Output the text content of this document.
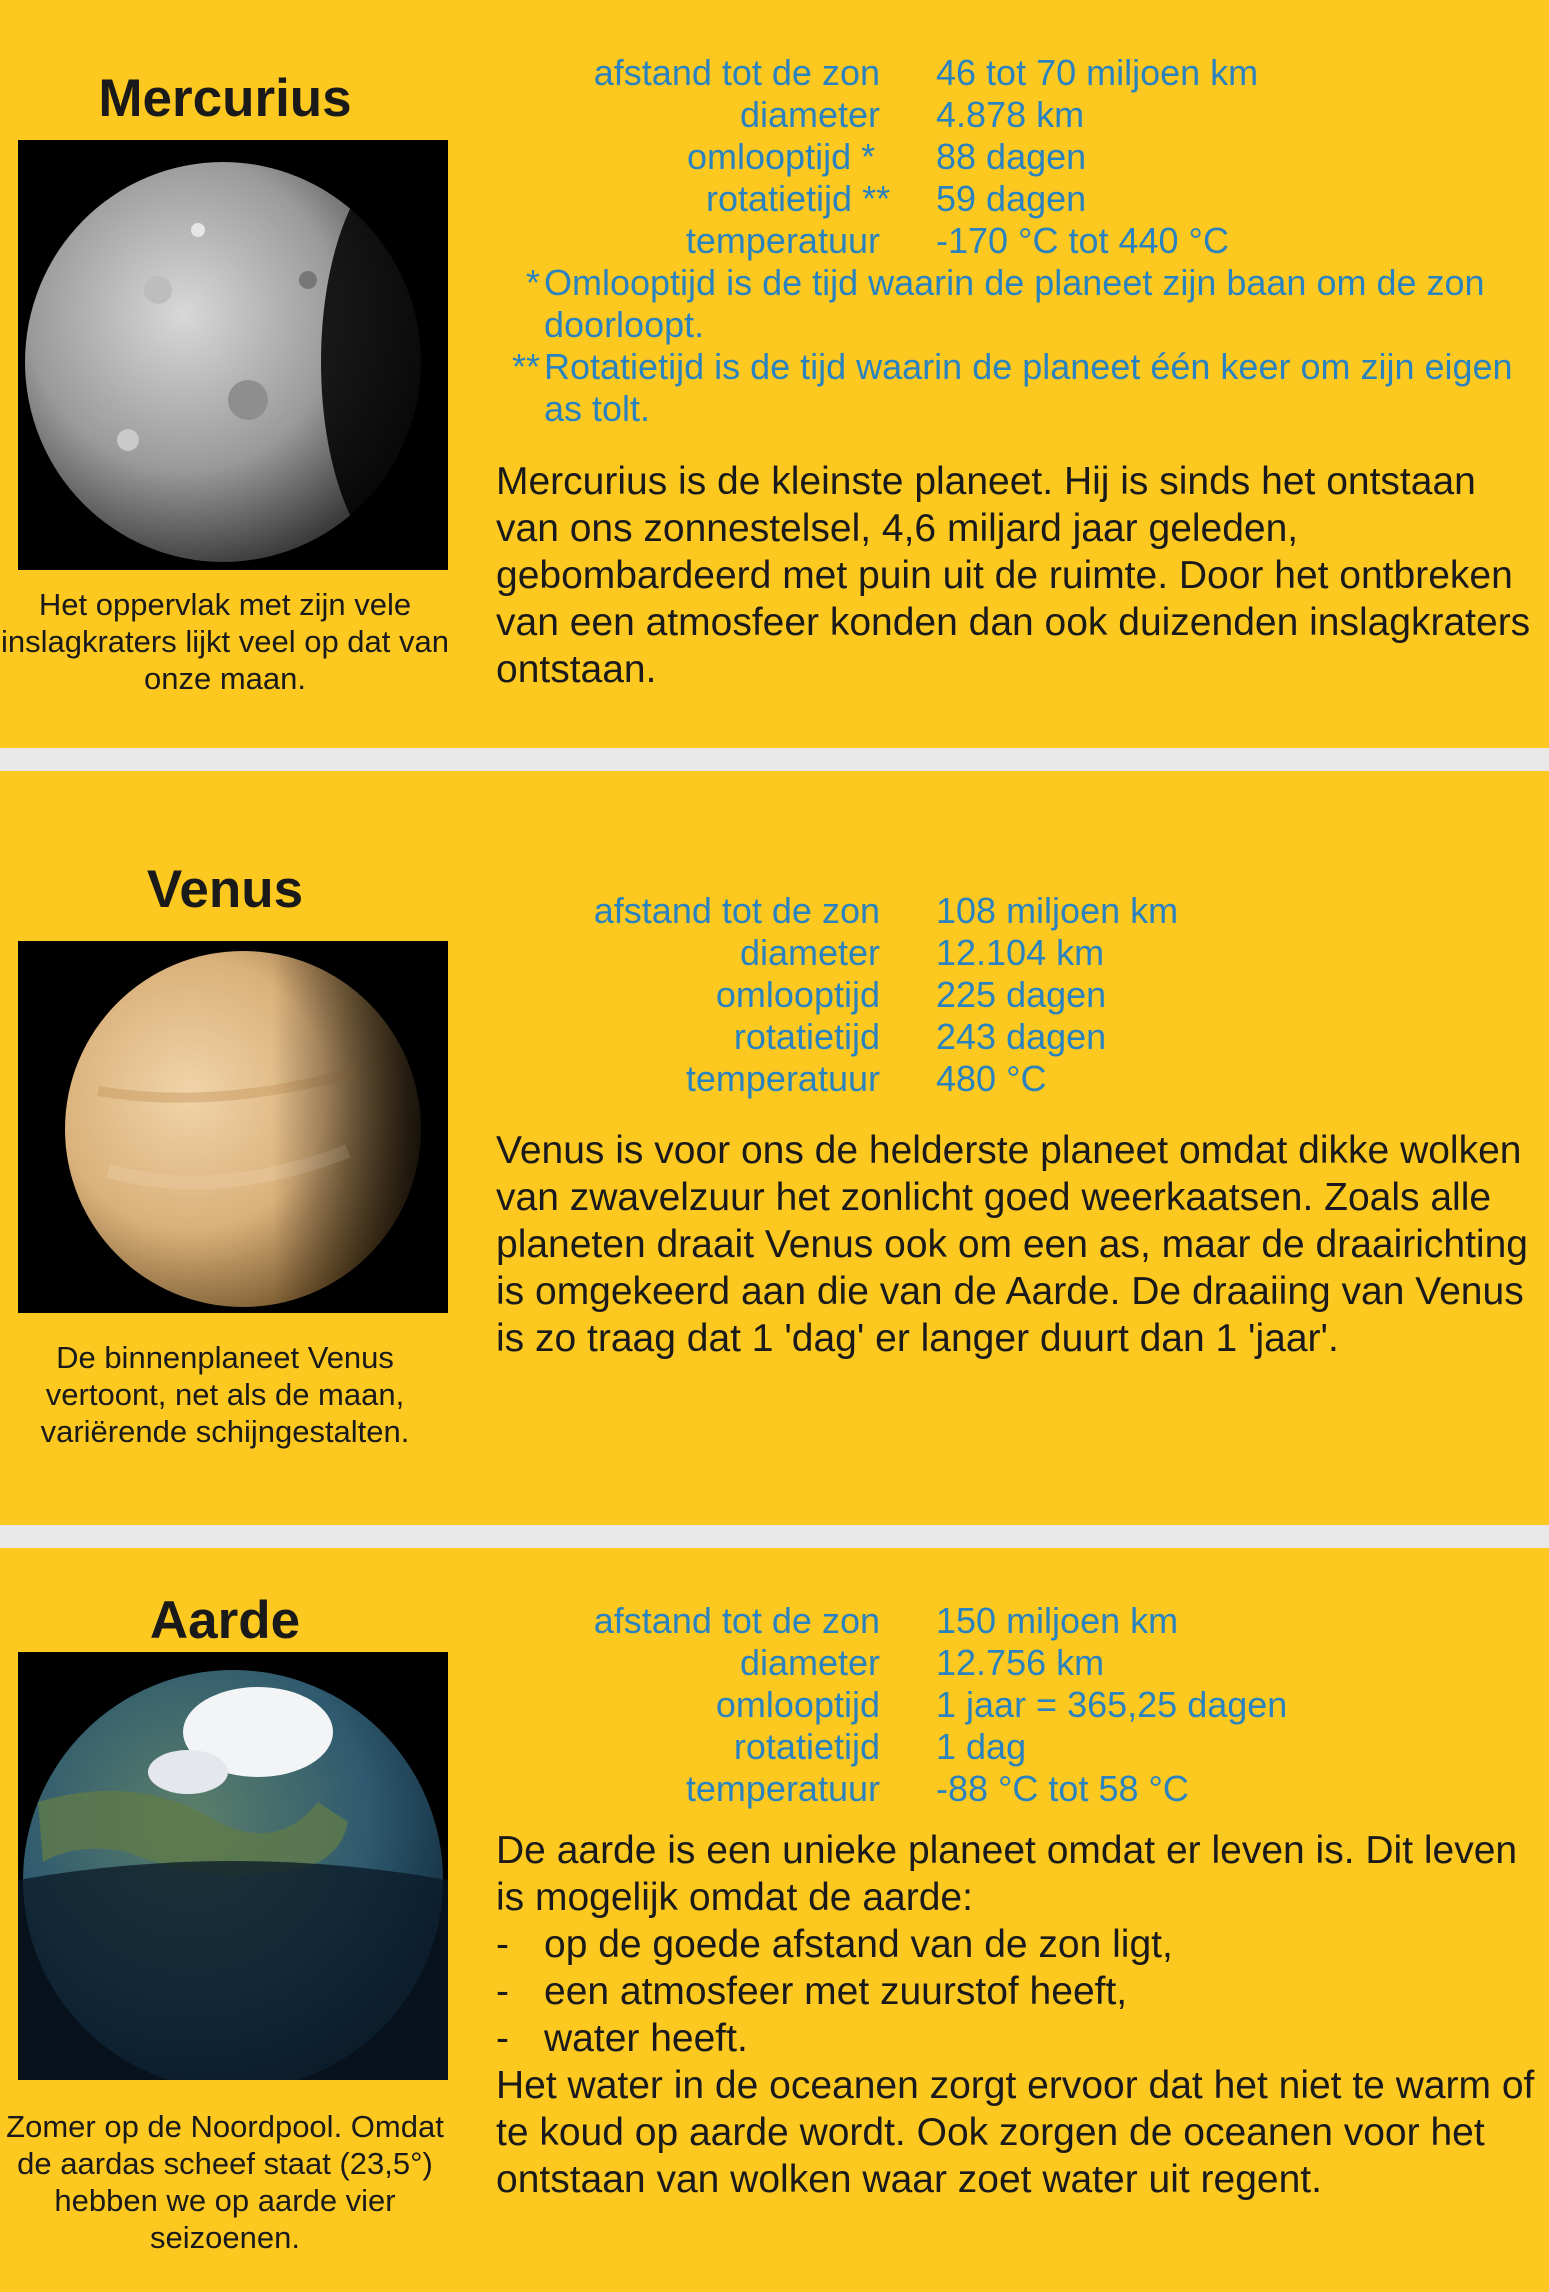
Mercurius
Het oppervlak met zijn vele inslagkraters lijkt veel op dat van onze maan.
afstand tot de zon 46 tot 70 miljoen km
diameter 4.878 km
omlooptijd * 88 dagen
rotatietijd ** 59 dagen
temperatuur -170 °C tot 440 °C
* Omlooptijd is de tijd waarin de planeet zijn baan om de zon doorloopt.
** Rotatietijd is de tijd waarin de planeet één keer om zijn eigen as tolt.

Mercurius is de kleinste planeet. Hij is sinds het ontstaan van ons zonnestelsel, 4,6 miljard jaar geleden, gebombardeerd met puin uit de ruimte. Door het ontbreken van een atmosfeer konden dan ook duizenden inslagkraters ontstaan.

Venus
De binnenplaneet Venus vertoont, net als de maan, variërende schijngestalten.
afstand tot de zon 108 miljoen km
diameter 12.104 km
omlooptijd 225 dagen
rotatietijd 243 dagen
temperatuur 480 °C

Venus is voor ons de helderste planeet omdat dikke wolken van zwavelzuur het zonlicht goed weerkaatsen. Zoals alle planeten draait Venus ook om een as, maar de draairichting is omgekeerd aan die van de Aarde. De draaiing van Venus is zo traag dat 1 'dag' er langer duurt dan 1 'jaar'.

Aarde
Zomer op de Noordpool. Omdat de aardas scheef staat (23,5°) hebben we op aarde vier seizoenen.
afstand tot de zon 150 miljoen km
diameter 12.756 km
omlooptijd 1 jaar = 365,25 dagen
rotatietijd 1 dag
temperatuur -88 °C tot 58 °C

De aarde is een unieke planeet omdat er leven is. Dit leven is mogelijk omdat de aarde:

- op de goede afstand van de zon ligt,
- een atmosfeer met zuurstof heeft,
- water heeft.

Het water in de oceanen zorgt ervoor dat het niet te warm of te koud op aarde wordt. Ook zorgen de oceanen voor het ontstaan van wolken waar zoet water uit regent.
